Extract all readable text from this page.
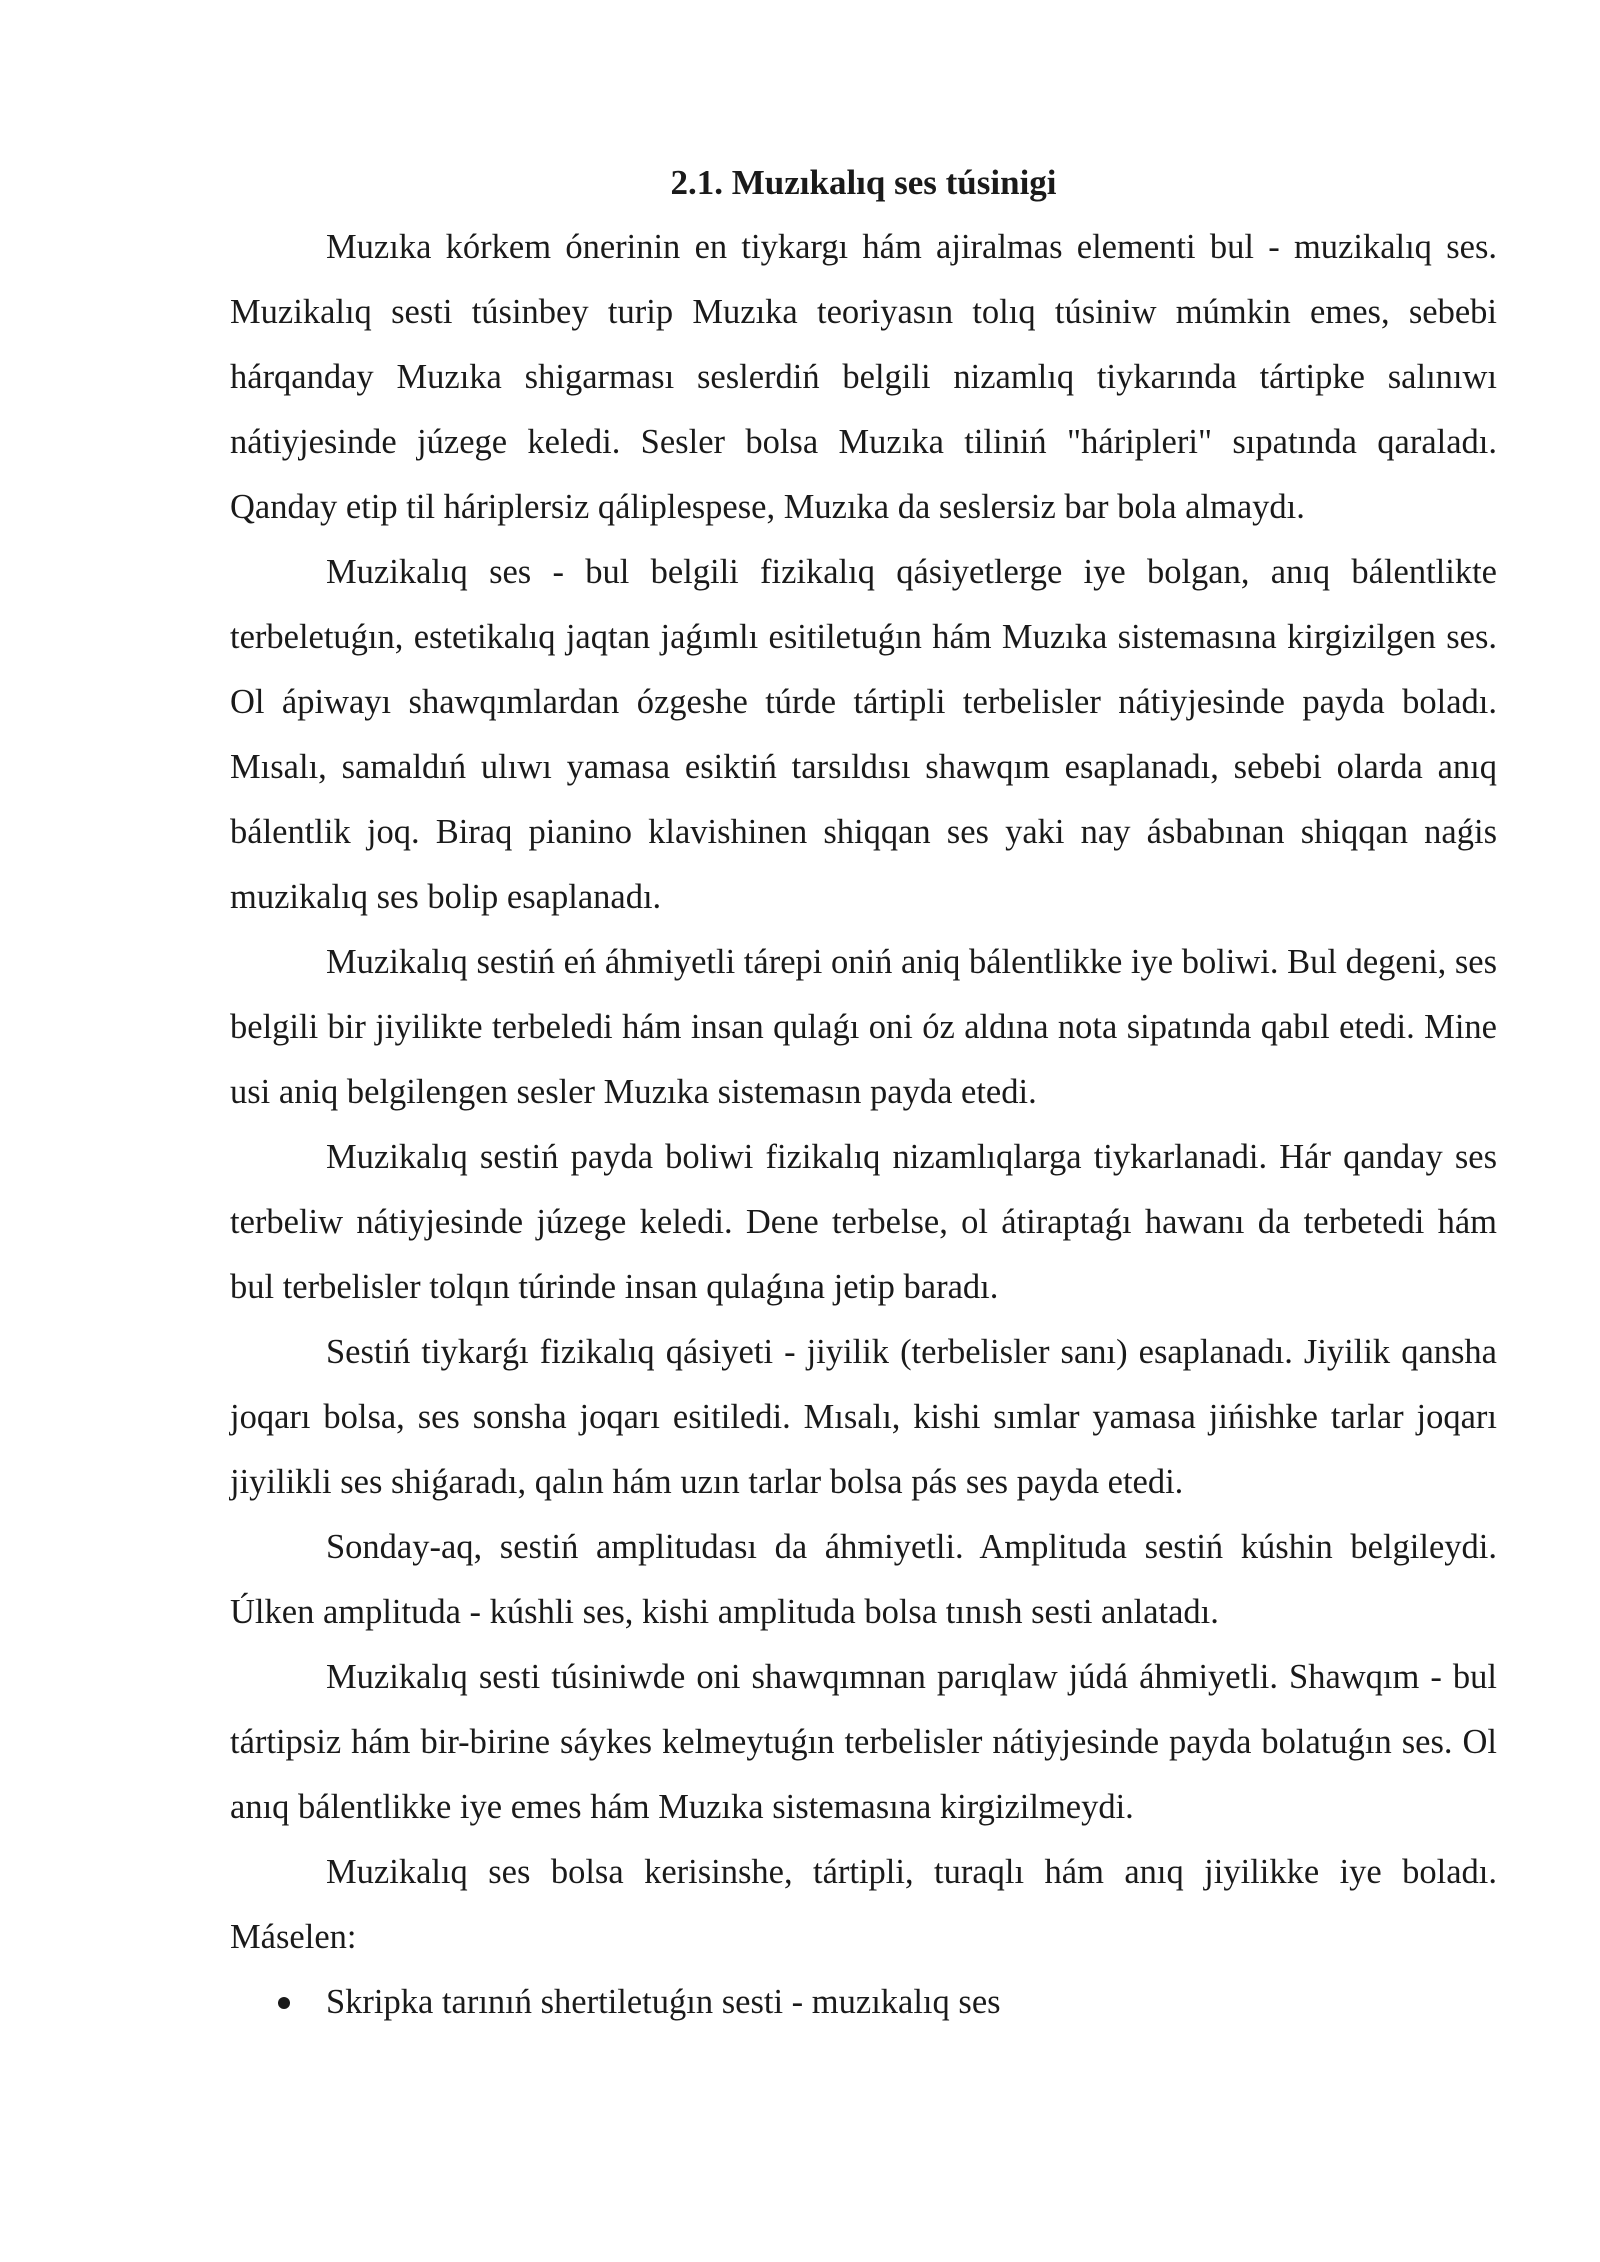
2.1. Muzıkalıq ses túsinigi

Muzıka kórkem ónerinin en tiykargı hám ajiralmas elementi bul - muzikalıq ses. Muzikalıq sesti túsinbey turip Muzıka teoriyasın tolıq túsiniw múmkin emes, sebebi hárqanday Muzıka shigarması seslerdiń belgili nizamlıq tiykarında tártipke salınıwı nátiyjesinde júzege keledi. Sesler bolsa Muzıka tiliniń "háripleri" sıpatında qaraladı. Qanday etip til háriplersiz qáliplespese, Muzıka da seslersiz bar bola almaydı.

Muzikalıq ses - bul belgili fizikalıq qásiyetlerge iye bolgan, anıq bálentlikte terbeletuǵın, estetikalıq jaqtan jaǵımlı esitiletuǵın hám Muzıka sistemasına kirgizilgen ses. Ol ápiwayı shawqımlardan ózgeshe túrde tártipli terbelisler nátiyjesinde payda boladı. Mısalı, samaldıń ulıwı yamasa esiktiń tarsıldısı shawqım esaplanadı, sebebi olarda anıq bálentlik joq. Biraq pianino klavishinen shiqqan ses yaki nay ásbabınan shiqqan naǵis muzikalıq ses bolip esaplanadı.

Muzikalıq sestiń eń áhmiyetli tárepi oniń aniq bálentlikke iye boliwi. Bul degeni, ses belgili bir jiyilikte terbeledi hám insan qulaǵı oni óz aldına nota sipatında qabıl etedi. Mine usi aniq belgilengen sesler Muzıka sistemasın payda etedi.

Muzikalıq sestiń payda boliwi fizikalıq nizamlıqlarga tiykarlanadi. Hár qanday ses terbeliw nátiyjesinde júzege keledi. Dene terbelse, ol átiraptaǵı hawanı da terbetedi hám bul terbelisler tolqın túrinde insan qulaǵına jetip baradı.

Sestiń tiykarǵı fizikalıq qásiyeti - jiyilik (terbelisler sanı) esaplanadı. Jiyilik qansha joqarı bolsa, ses sonsha joqarı esitiledi. Mısalı, kishi sımlar yamasa jińishke tarlar joqarı jiyilikli ses shiǵaradı, qalın hám uzın tarlar bolsa pás ses payda etedi.

Sonday-aq, sestiń amplitudası da áhmiyetli. Amplituda sestiń kúshin belgileydi. Úlken amplituda - kúshli ses, kishi amplituda bolsa tınısh sesti anlatadı.

Muzikalıq sesti túsiniwde oni shawqımnan parıqlaw júdá áhmiyetli. Shawqım - bul tártipsiz hám bir-birine sáykes kelmeytuǵın terbelisler nátiyjesinde payda bolatuǵın ses. Ol anıq bálentlikke iye emes hám Muzıka sistemasına kirgizilmeydi.

Muzikalıq ses bolsa kerisinshe, tártipli, turaqlı hám anıq jiyilikke iye boladı. Máselen:

Skripka tarınıń shertiletuǵın sesti - muzıkalıq ses
